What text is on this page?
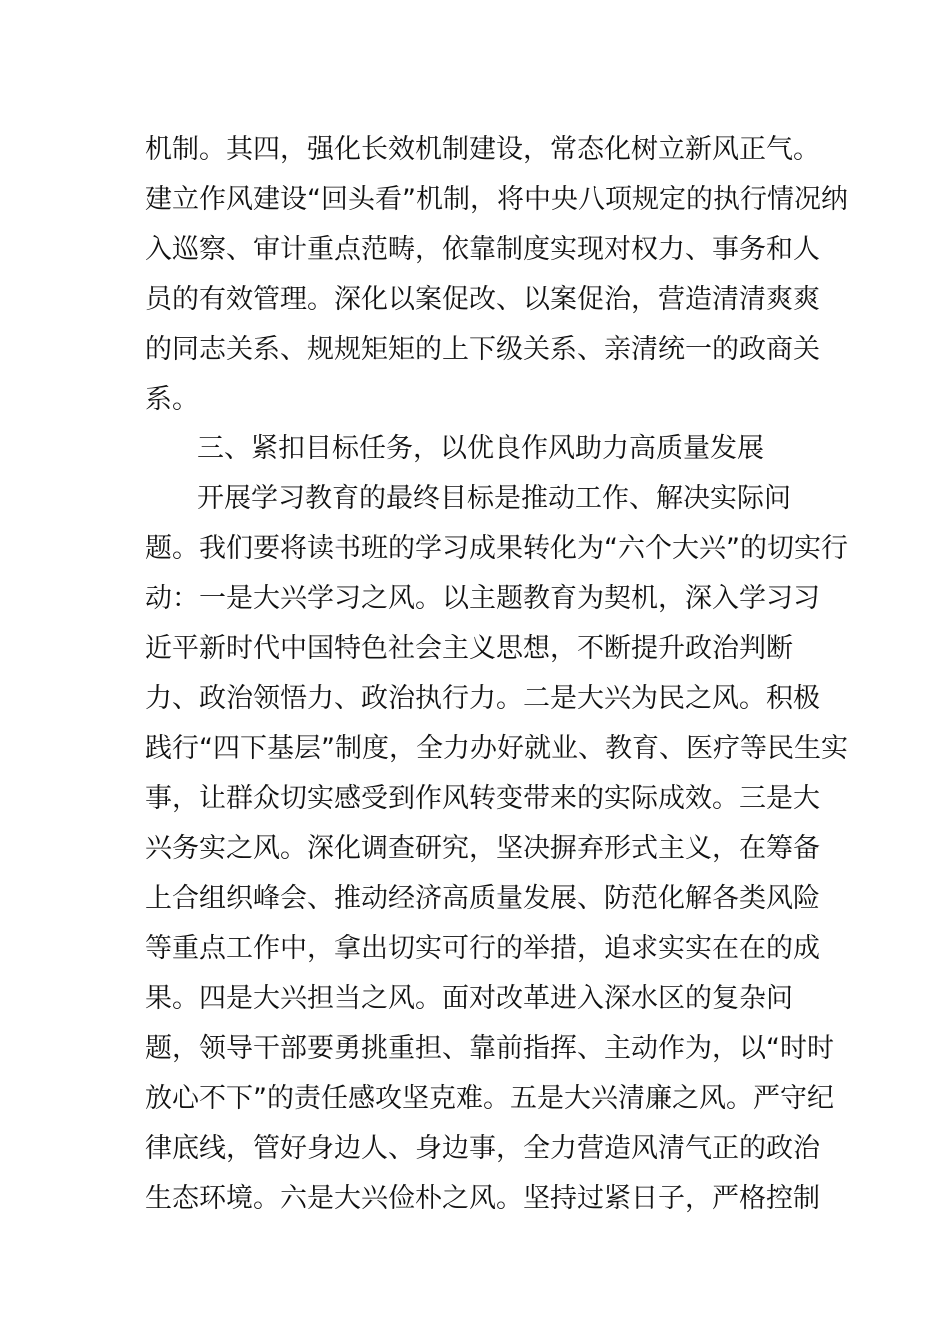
机制。其四，强化长效机制建设，常态化树立新风正气。
建立作风建设“回头看”机制，将中央八项规定的执行情况纳
入巡察、审计重点范畴，依靠制度实现对权力、事务和人
员的有效管理。深化以案促改、以案促治，营造清清爽爽
的同志关系、规规矩矩的上下级关系、亲清统一的政商关
系。
三、紧扣目标任务，以优良作风助力高质量发展
开展学习教育的最终目标是推动工作、解决实际问
题。我们要将读书班的学习成果转化为“六个大兴”的切实行
动：一是大兴学习之风。以主题教育为契机，深入学习习
近平新时代中国特色社会主义思想，不断提升政治判断
力、政治领悟力、政治执行力。二是大兴为民之风。积极
践行“四下基层”制度，全力办好就业、教育、医疗等民生实
事，让群众切实感受到作风转变带来的实际成效。三是大
兴务实之风。深化调查研究，坚决摒弃形式主义，在筹备
上合组织峰会、推动经济高质量发展、防范化解各类风险
等重点工作中，拿出切实可行的举措，追求实实在在的成
果。四是大兴担当之风。面对改革进入深水区的复杂问
题，领导干部要勇挑重担、靠前指挥、主动作为，以“时时
放心不下”的责任感攻坚克难。五是大兴清廉之风。严守纪
律底线，管好身边人、身边事，全力营造风清气正的政治
生态环境。六是大兴俭朴之风。坚持过紧日子，严格控制
